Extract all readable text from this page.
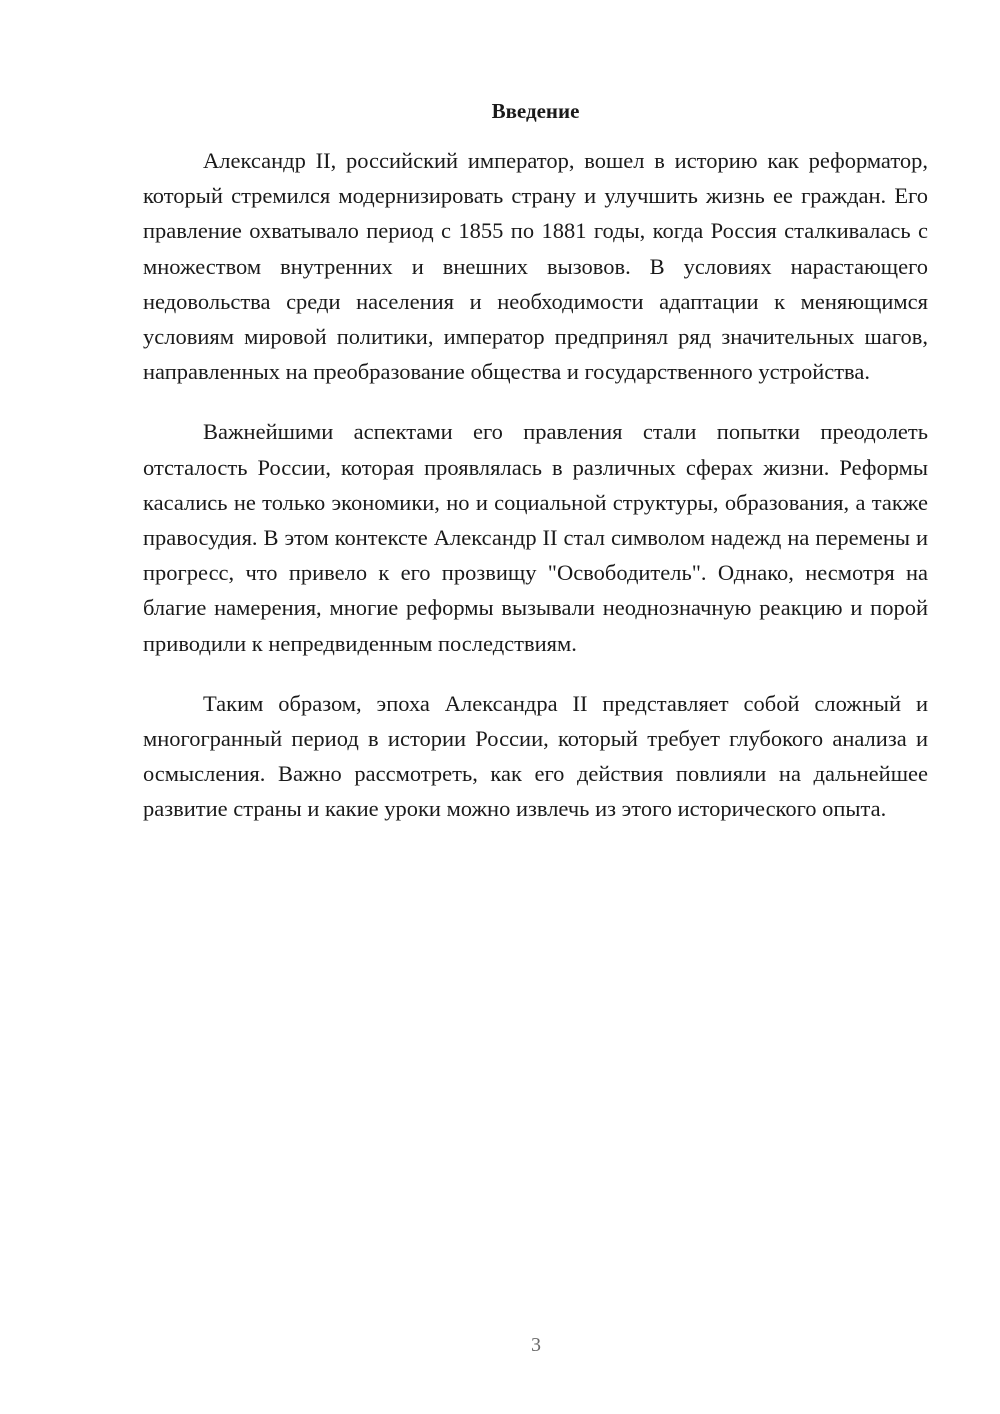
Введение

Александр II, российский император, вошел в историю как реформатор, который стремился модернизировать страну и улучшить жизнь ее граждан. Его правление охватывало период с 1855 по 1881 годы, когда Россия сталкивалась с множеством внутренних и внешних вызовов. В условиях нарастающего недовольства среди населения и необходимости адаптации к меняющимся условиям мировой политики, император предпринял ряд значительных шагов, направленных на преобразование общества и государственного устройства.

Важнейшими аспектами его правления стали попытки преодолеть отсталость России, которая проявлялась в различных сферах жизни. Реформы касались не только экономики, но и социальной структуры, образования, а также правосудия. В этом контексте Александр II стал символом надежд на перемены и прогресс, что привело к его прозвищу "Освободитель". Однако, несмотря на благие намерения, многие реформы вызывали неоднозначную реакцию и порой приводили к непредвиденным последствиям.

Таким образом, эпоха Александра II представляет собой сложный и многогранный период в истории России, который требует глубокого анализа и осмысления. Важно рассмотреть, как его действия повлияли на дальнейшее развитие страны и какие уроки можно извлечь из этого исторического опыта.

3
